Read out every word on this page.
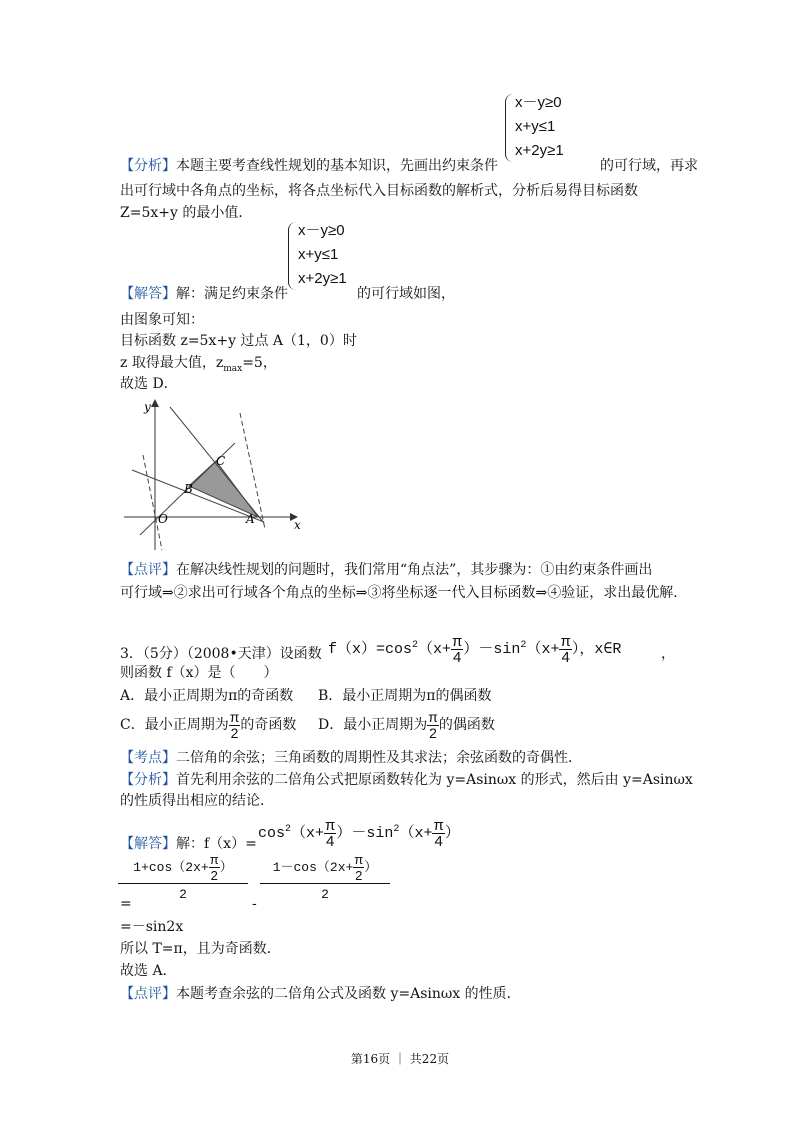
x－y≥0
x+y≤1
x+2y≥1
【分析】本题主要考查线性规划的基本知识，先画出约束条件	的可行域，再求
出可行域中各角点的坐标，将各点坐标代入目标函数的解析式，分析后易得目标函数
Z=5x+y 的最小值．
x－y≥0
x+y≤1
x+2y≥1
【解答】解：满足约束条件	的可行域如图，
由图象可知：
目标函数 z=5x+y 过点 A（1，0）时
z 取得最大值，$z_{max}=5$，
故选 D．
y
x
O	A
B
C
【点评】在解决线性规划的问题时，我们常用“角点法”，其步骤为：①由约束条件画出
可行域⇒②求出可行域各个角点的坐标⇒③将坐标逐一代入目标函数⇒④验证，求出最优解．
3．（5分）（2008•天津）设函数 $f(x)=\cos^2(x+ \frac{\pi}{4} )-\sin^2(x+ \frac{\pi}{4}$ ），x∈R	，
则函数 f（x）是（　　）
A．最小正周期为π的奇函数 B．最小正周期为π的偶函数
C．最小正周期为 $\frac{\pi}{2}$ 的奇函数 D．最小正周期为 $\frac{\pi}{2}$ 的偶函数
【考点】二倍角的余弦；三角函数的周期性及其求法；余弦函数的奇偶性．
【分析】首先利用余弦的二倍角公式把原函数转化为 y=Asinωx 的形式，然后由 y=Asinωx
的性质得出相应的结论．
【解答】解：f（x）=
$\cos^2(x+ \frac{\pi}{4} )-\sin^2(x+ \frac{\pi}{4}$ ）
$1+\cos(2x+ \frac{\pi}{2}$ ）
2
$1-\cos(2x+ \frac{\pi}{2}$ ）
2
=	-
=－sin2x
所以 T=π，且为奇函数．
故选 A．
【点评】本题考查余弦的二倍角公式及函数 y=Asinωx 的性质．
第16页 ｜ 共22页
